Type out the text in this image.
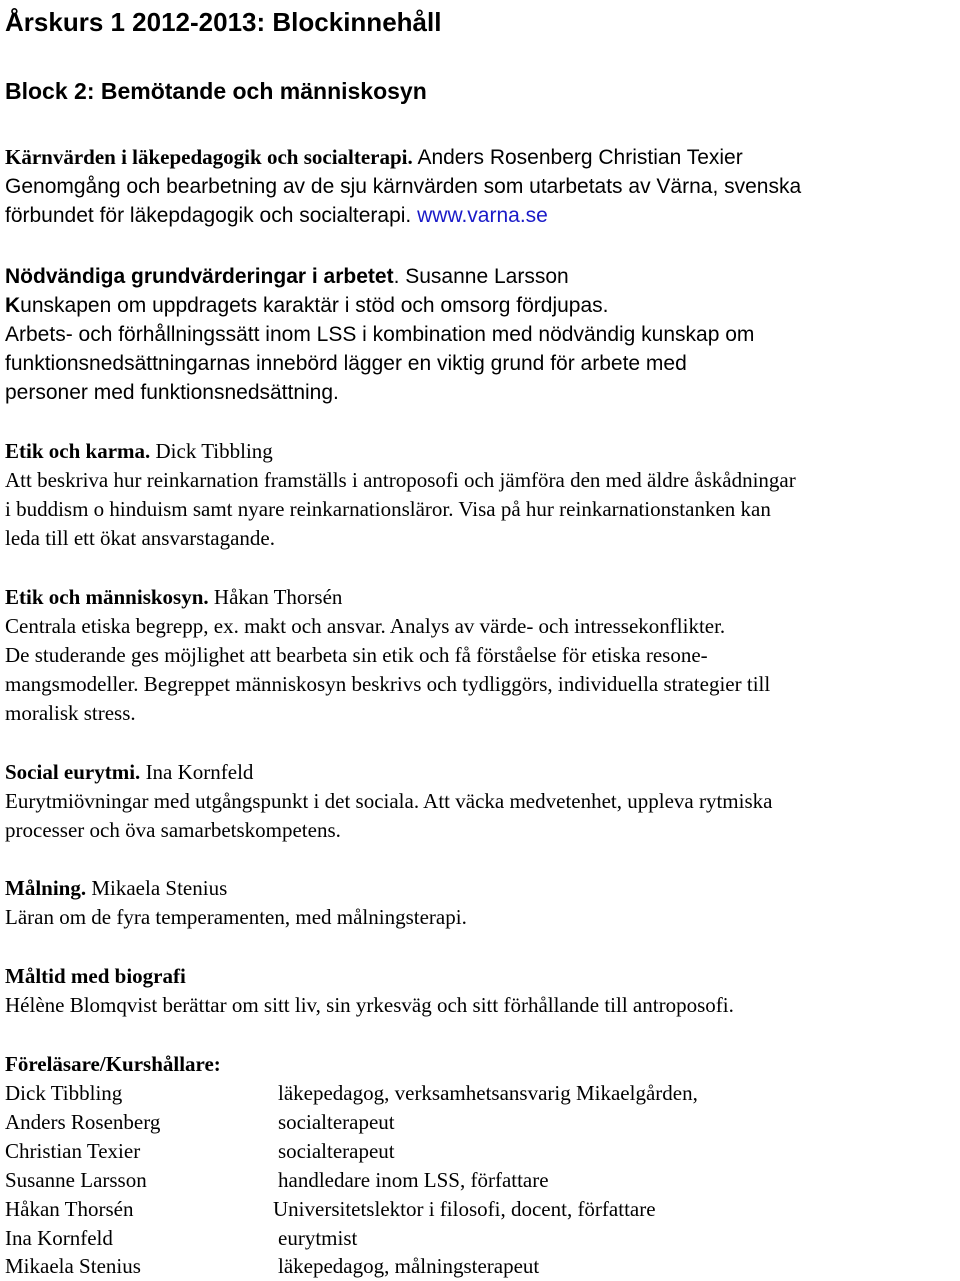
Årskurs 1 2012-2013: Blockinnehåll
Block 2: Bemötande och människosyn
Kärnvärden i läkepedagogik och socialterapi. Anders Rosenberg Christian Texier
Genomgång och bearbetning av de sju kärnvärden som utarbetats av Värna, svenska
förbundet för läkepdagogik och socialterapi. www.varna.se
Nödvändiga grundvärderingar i arbetet. Susanne Larsson
Kunskapen om uppdragets karaktär i stöd och omsorg fördjupas.
Arbets- och förhållningssätt inom LSS i kombination med nödvändig kunskap om
funktionsnedsättningarnas innebörd lägger en viktig grund för arbete med
personer med funktionsnedsättning.
Etik och karma. Dick Tibbling
Att beskriva hur reinkarnation framställs i antroposofi och jämföra den med äldre åskådningar
i buddism o hinduism samt nyare reinkarnationsläror. Visa på hur reinkarnationstanken kan
leda till ett ökat ansvarstagande.
Etik och människosyn. Håkan Thorsén
Centrala etiska begrepp, ex. makt och ansvar. Analys av värde- och intressekonflikter.
De studerande ges möjlighet att bearbeta sin etik och få förståelse för etiska resone-
mangsmodeller. Begreppet människosyn beskrivs och tydliggörs, individuella strategier till
moralisk stress.
Social eurytmi. Ina Kornfeld
Eurytmiövningar med utgångspunkt i det sociala. Att väcka medvetenhet, uppleva rytmiska
processer och öva samarbetskompetens.
Målning. Mikaela Stenius
Läran om de fyra temperamenten, med målningsterapi.
Måltid med biografi
Hélène Blomqvist berättar om sitt liv, sin yrkesväg och sitt förhållande till antroposofi.
Föreläsare/Kurshållare:
Dick Tibbling	läkepedagog, verksamhetsansvarig Mikaelgården,
Anders Rosenberg	socialterapeut
Christian Texier	socialterapeut
Susanne Larsson	handledare inom LSS, författare
Håkan Thorsén	Universitetslektor i filosofi, docent, författare
Ina Kornfeld	eurytmist
Mikaela Stenius	läkepedagog, målningsterapeut
